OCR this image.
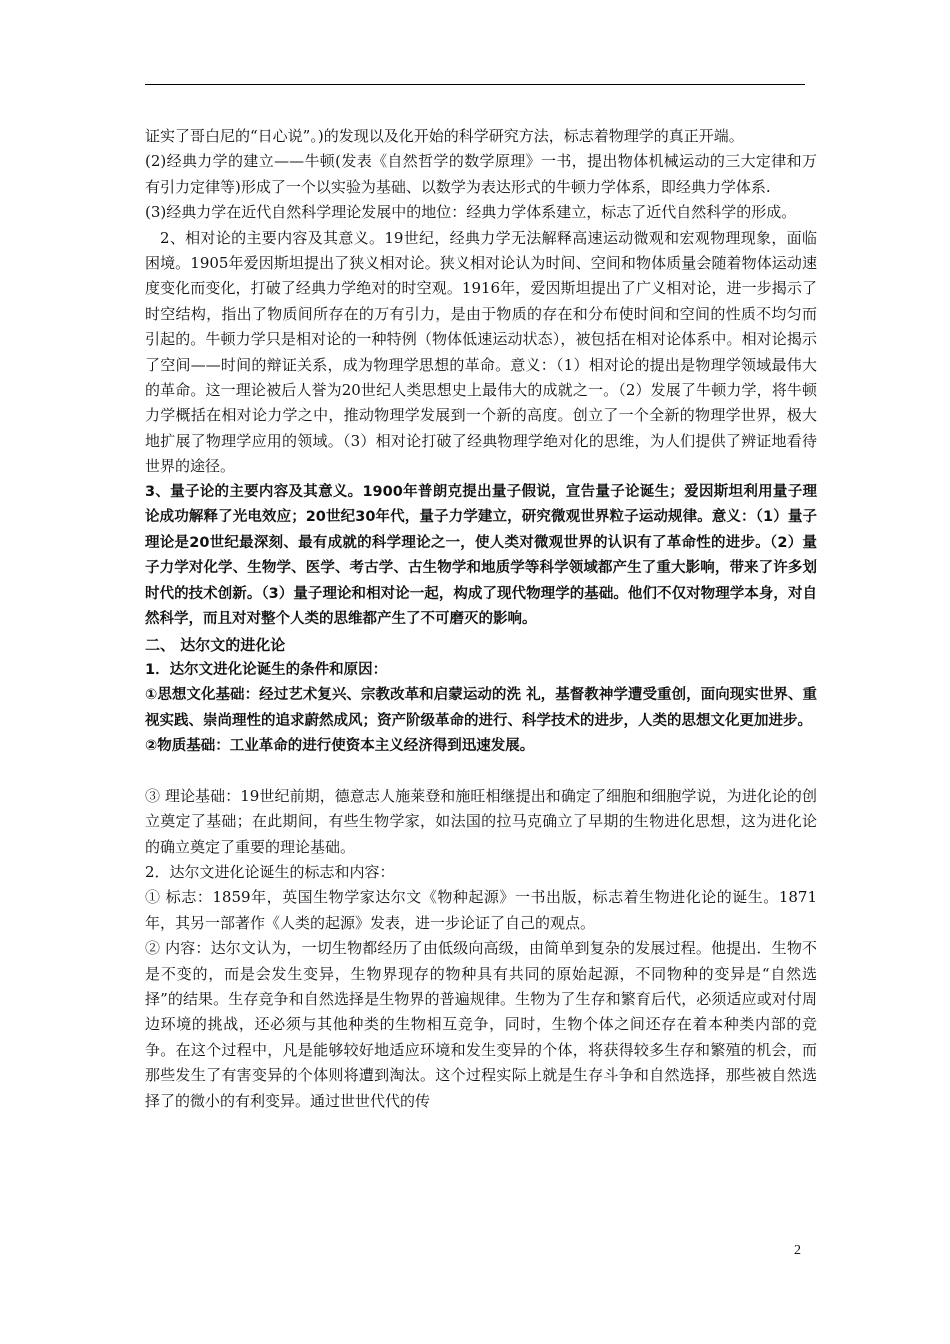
证实了哥白尼的“日心说”。)的发现以及化开始的科学研究方法，标志着物理学的真正开端。

(2)经典力学的建立——牛顿(发表《自然哲学的数学原理》一书，提出物体机械运动的三大定律和万有引力定律等)形成了一个以实验为基础、以数学为表达形式的牛顿力学体系，即经典力学体系.

(3)经典力学在近代自然科学理论发展中的地位：经典力学体系建立，标志了近代自然科学的形成。

2、相对论的主要内容及其意义。19世纪，经典力学无法解释高速运动微观和宏观物理现象，面临困境。1905年爱因斯坦提出了狭义相对论。狭义相对论认为时间、空间和物体质量会随着物体运动速度变化而变化，打破了经典力学绝对的时空观。1916年，爱因斯坦提出了广义相对论，进一步揭示了时空结构，指出了物质间所存在的万有引力，是由于物质的存在和分布使时间和空间的性质不均匀而引起的。牛顿力学只是相对论的一种特例（物体低速运动状态），被包括在相对论体系中。相对论揭示了空间——时间的辩证关系，成为物理学思想的革命。意义：（1）相对论的提出是物理学领域最伟大的革命。这一理论被后人誉为20世纪人类思想史上最伟大的成就之一。（2）发展了牛顿力学，将牛顿力学概括在相对论力学之中，推动物理学发展到一个新的高度。创立了一个全新的物理学世界，极大地扩展了物理学应用的领域。（3）相对论打破了经典物理学绝对化的思维，为人们提供了辨证地看待世界的途径。

3、量子论的主要内容及其意义。1900年普朗克提出量子假说，宣告量子论诞生；爱因斯坦利用量子理论成功解释了光电效应；20世纪30年代，量子力学建立，研究微观世界粒子运动规律。意义：（1）量子理论是20世纪最深刻、最有成就的科学理论之一，使人类对微观世界的认识有了革命性的进步。（2）量子力学对化学、生物学、医学、考古学、古生物学和地质学等科学领域都产生了重大影响，带来了许多划时代的技术创新。（3）量子理论和相对论一起，构成了现代物理学的基础。他们不仅对物理学本身，对自然科学，而且对对整个人类的思维都产生了不可磨灭的影响。

二、 达尔文的进化论

1．达尔文进化论诞生的条件和原因：

①思想文化基础：经过艺术复兴、宗教改革和启蒙运动的洗 礼，基督教神学遭受重创，面向现实世界、重视实践、崇尚理性的追求蔚然成风；资产阶级革命的进行、科学技术的进步，人类的思想文化更加进步。

②物质基础：工业革命的进行使资本主义经济得到迅速发展。

③ 理论基础：19世纪前期，德意志人施莱登和施旺相继提出和确定了细胞和细胞学说，为进化论的创立奠定了基础；在此期间，有些生物学家，如法国的拉马克确立了早期的生物进化思想，这为进化论的确立奠定了重要的理论基础。

2．达尔文进化论诞生的标志和内容：

① 标志：1859年，英国生物学家达尔文《物种起源》一书出版，标志着生物进化论的诞生。1871年，其另一部著作《人类的起源》发表，进一步论证了自己的观点。

② 内容：达尔文认为，一切生物都经历了由低级向高级，由简单到复杂的发展过程。他提出．生物不是不变的，而是会发生变异，生物界现存的物种具有共同的原始起源，不同物种的变异是“自然选择”的结果。生存竞争和自然选择是生物界的普遍规律。生物为了生存和繁育后代，必须适应或对付周边环境的挑战，还必须与其他种类的生物相互竞争，同时，生物个体之间还存在着本种类内部的竞争。在这个过程中，凡是能够较好地适应环境和发生变异的个体，将获得较多生存和繁殖的机会，而那些发生了有害变异的个体则将遭到淘汰。这个过程实际上就是生存斗争和自然选择，那些被自然选择了的微小的有利变异。通过世世代代的传

2
